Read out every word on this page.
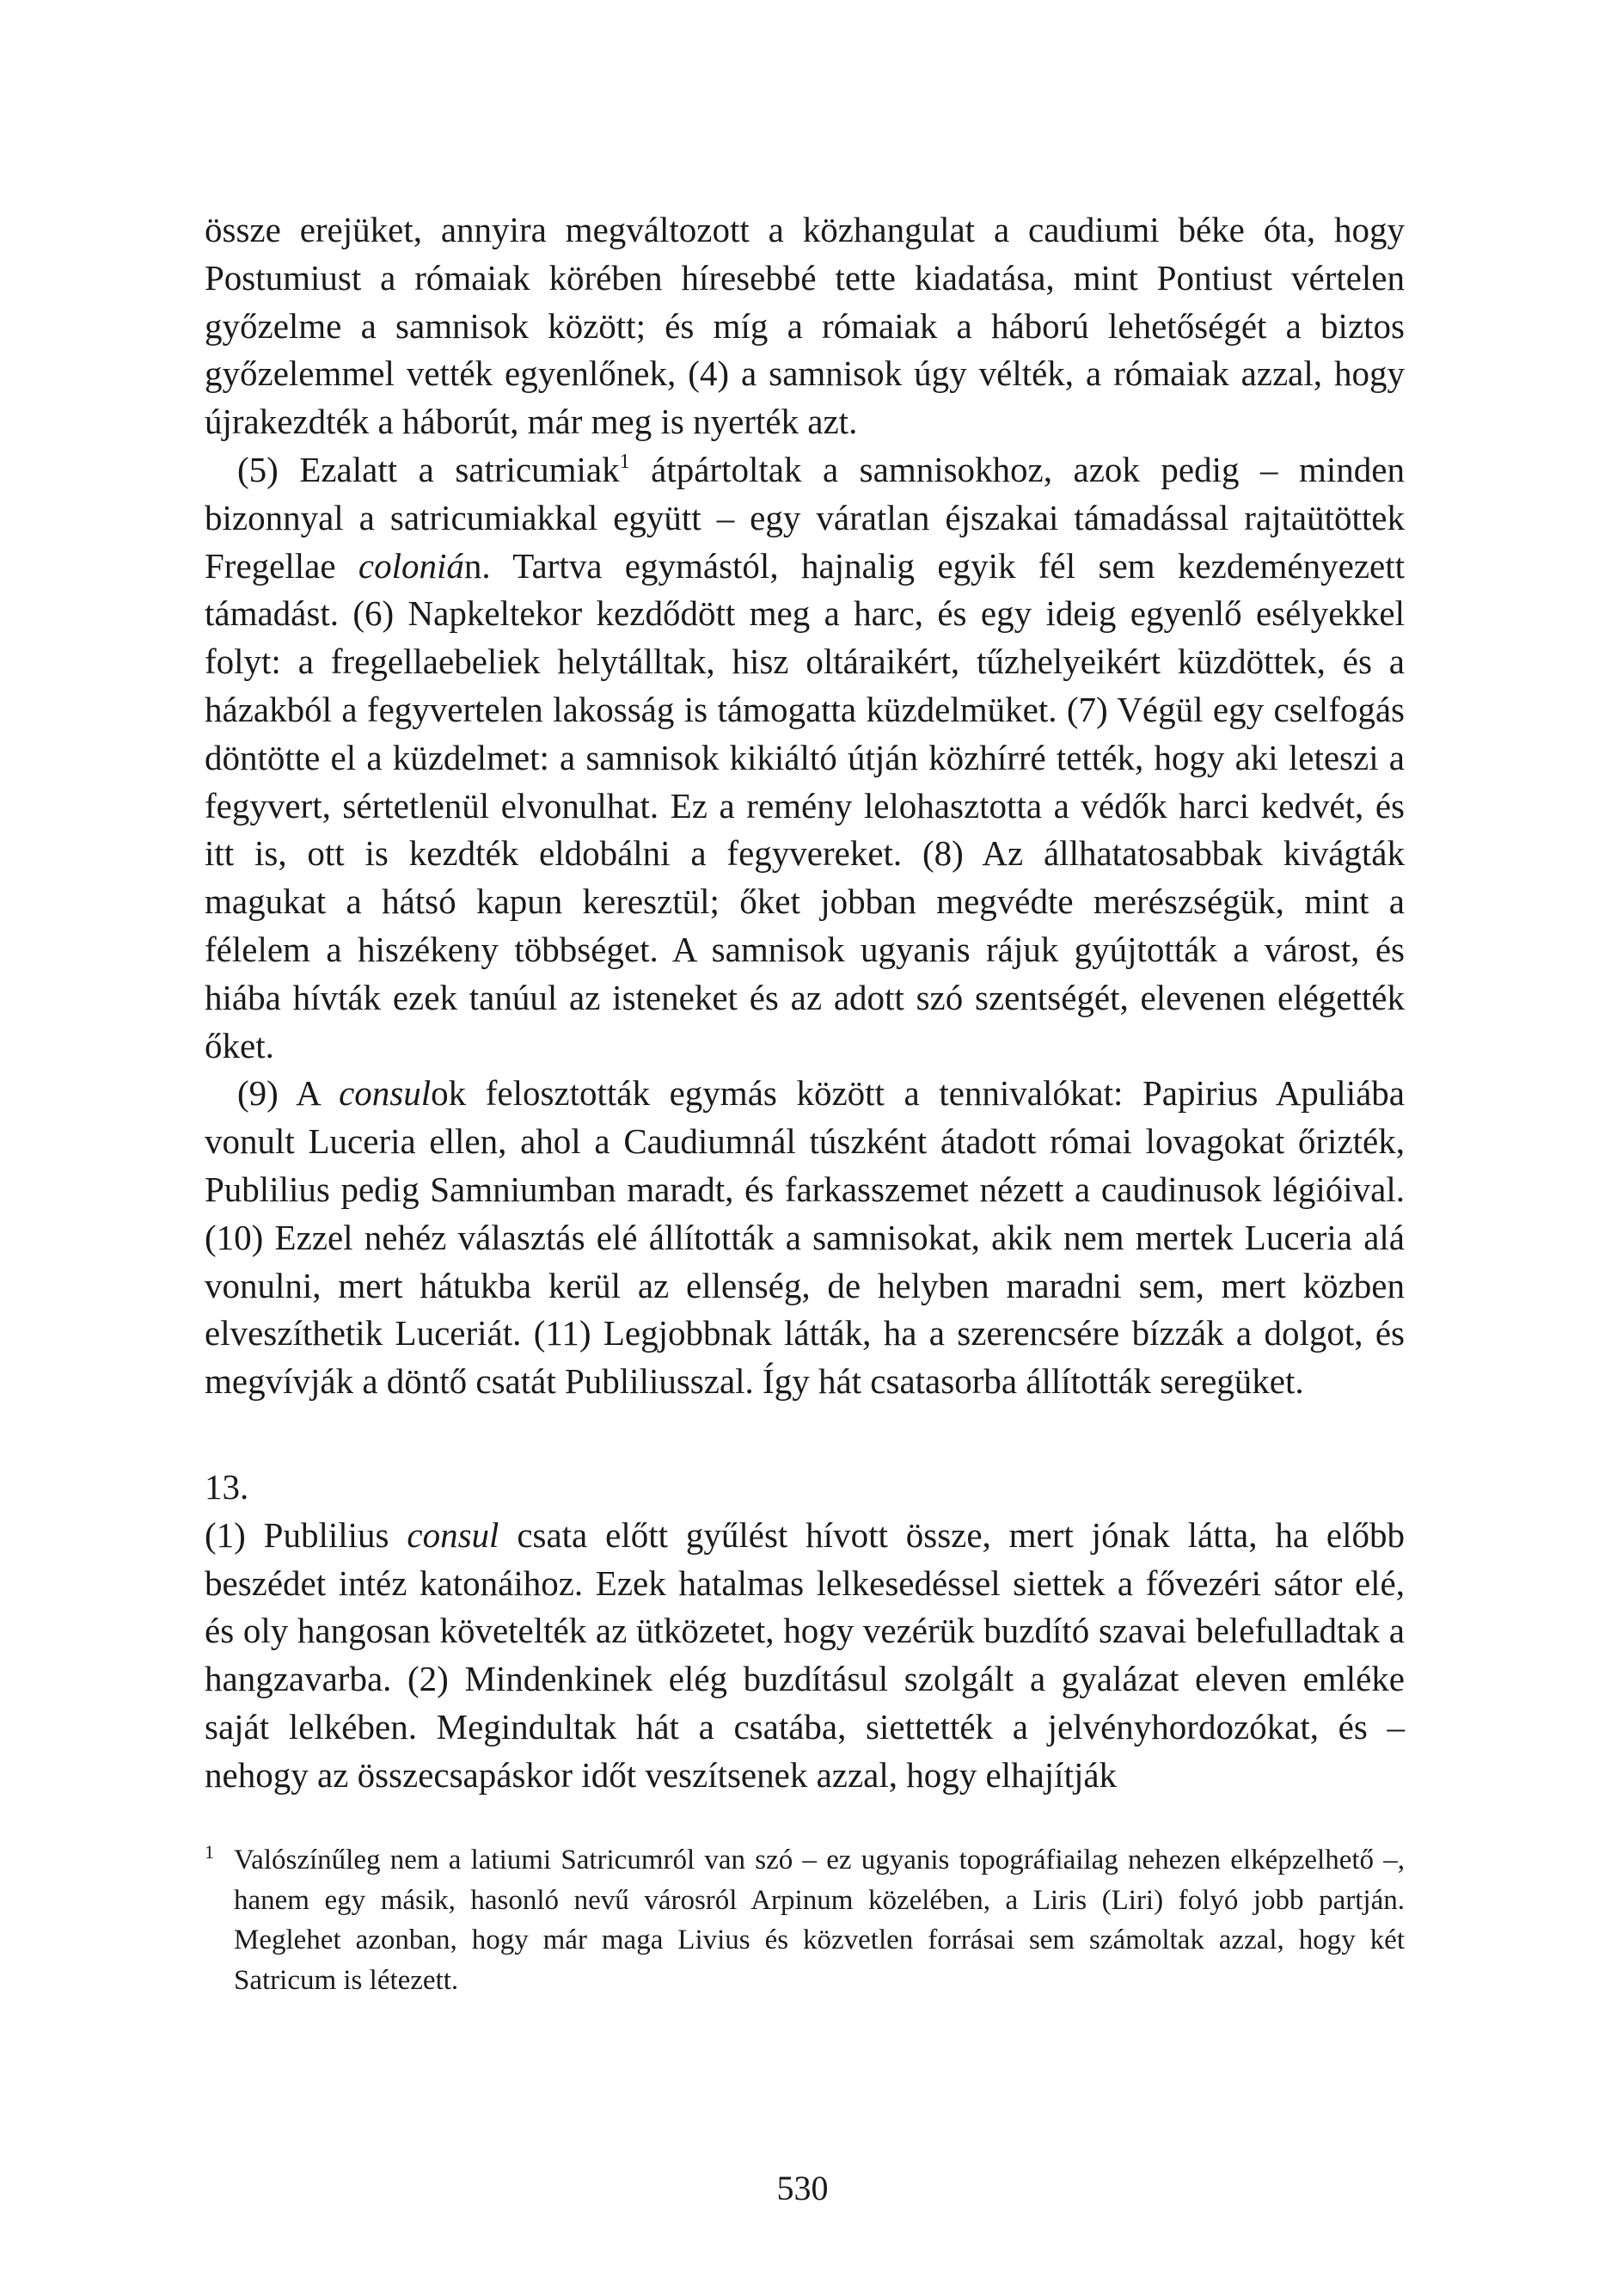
össze erejüket, annyira megváltozott a közhangulat a caudiumi béke óta, hogy Postumiust a rómaiak körében híresebbé tette kiadatása, mint Pontiust vértelen győzelme a samnisok között; és míg a rómaiak a háború lehetőségét a biztos győzelemmel vették egyenlőnek, (4) a samnisok úgy vélték, a rómaiak azzal, hogy újrakezdték a háborút, már meg is nyerték azt.

(5) Ezalatt a satricumiak$^1$ átpártoltak a samnisokhoz, azok pedig – minden bizonnyal a satricumiakkal együtt – egy váratlan éjszakai támadással rajtaütöttek Fregellae colonián. Tartva egymástól, hajnalig egyik fél sem kezdeményezett támadást. (6) Napkeltekor kezdődött meg a harc, és egy ideig egyenlő esélyekkel folyt: a fregellaebeliek helytálltak, hisz oltáraikért, tűzhelyeikért küzdöttek, és a házakból a fegyvertelen lakosság is támogatta küzdelmüket. (7) Végül egy cselfogás döntötte el a küzdelmet: a samnisok kikiáltó útján közhírré tették, hogy aki leteszi a fegyvert, sértetlenül elvonulhat. Ez a remény lelohasztotta a védők harci kedvét, és itt is, ott is kezdték eldobálni a fegyvereket. (8) Az állhatatosabbak kivágták magukat a hátsó kapun keresztül; őket jobban megvédte merészségük, mint a félelem a hiszékeny többséget. A samnisok ugyanis rájuk gyújtották a várost, és hiába hívták ezek tanúul az isteneket és az adott szó szentségét, elevenen elégették őket.

(9) A consulok felosztották egymás között a tennivalókat: Papirius Apuliába vonult Luceria ellen, ahol a Caudiumnál túszként átadott római lovagokat őrizték, Publilius pedig Samniumban maradt, és farkasszemet nézett a caudinusok légióival. (10) Ezzel nehéz választás elé állították a samnisokat, akik nem mertek Luceria alá vonulni, mert hátukba kerül az ellenség, de helyben maradni sem, mert közben elveszíthetik Luceriát. (11) Legjobbnak látták, ha a szerencsére bízzák a dolgot, és megvívják a döntő csatát Publiliusszal. Így hát csatasorba állították seregüket.

13.

(1) Publilius consul csata előtt gyűlést hívott össze, mert jónak látta, ha előbb beszédet intéz katonáihoz. Ezek hatalmas lelkesedéssel siettek a fővezéri sátor elé, és oly hangosan követelték az ütközetet, hogy vezérük buzdító szavai belefulladtak a hangzavarba. (2) Mindenkinek elég buzdításul szolgált a gyalázat eleven emléke saját lelkében. Megindultak hát a csatába, siettették a jelvényhordozókat, és – nehogy az összecsapáskor időt veszítsenek azzal, hogy elhajítják

1 Valószínűleg nem a latiumi Satricumról van szó – ez ugyanis topográfiailag nehezen elképzelhető –, hanem egy másik, hasonló nevű városról Arpinum közelében, a Liris (Liri) folyó jobb partján. Meglehet azonban, hogy már maga Livius és közvetlen forrásai sem számoltak azzal, hogy két Satricum is létezett.

530
